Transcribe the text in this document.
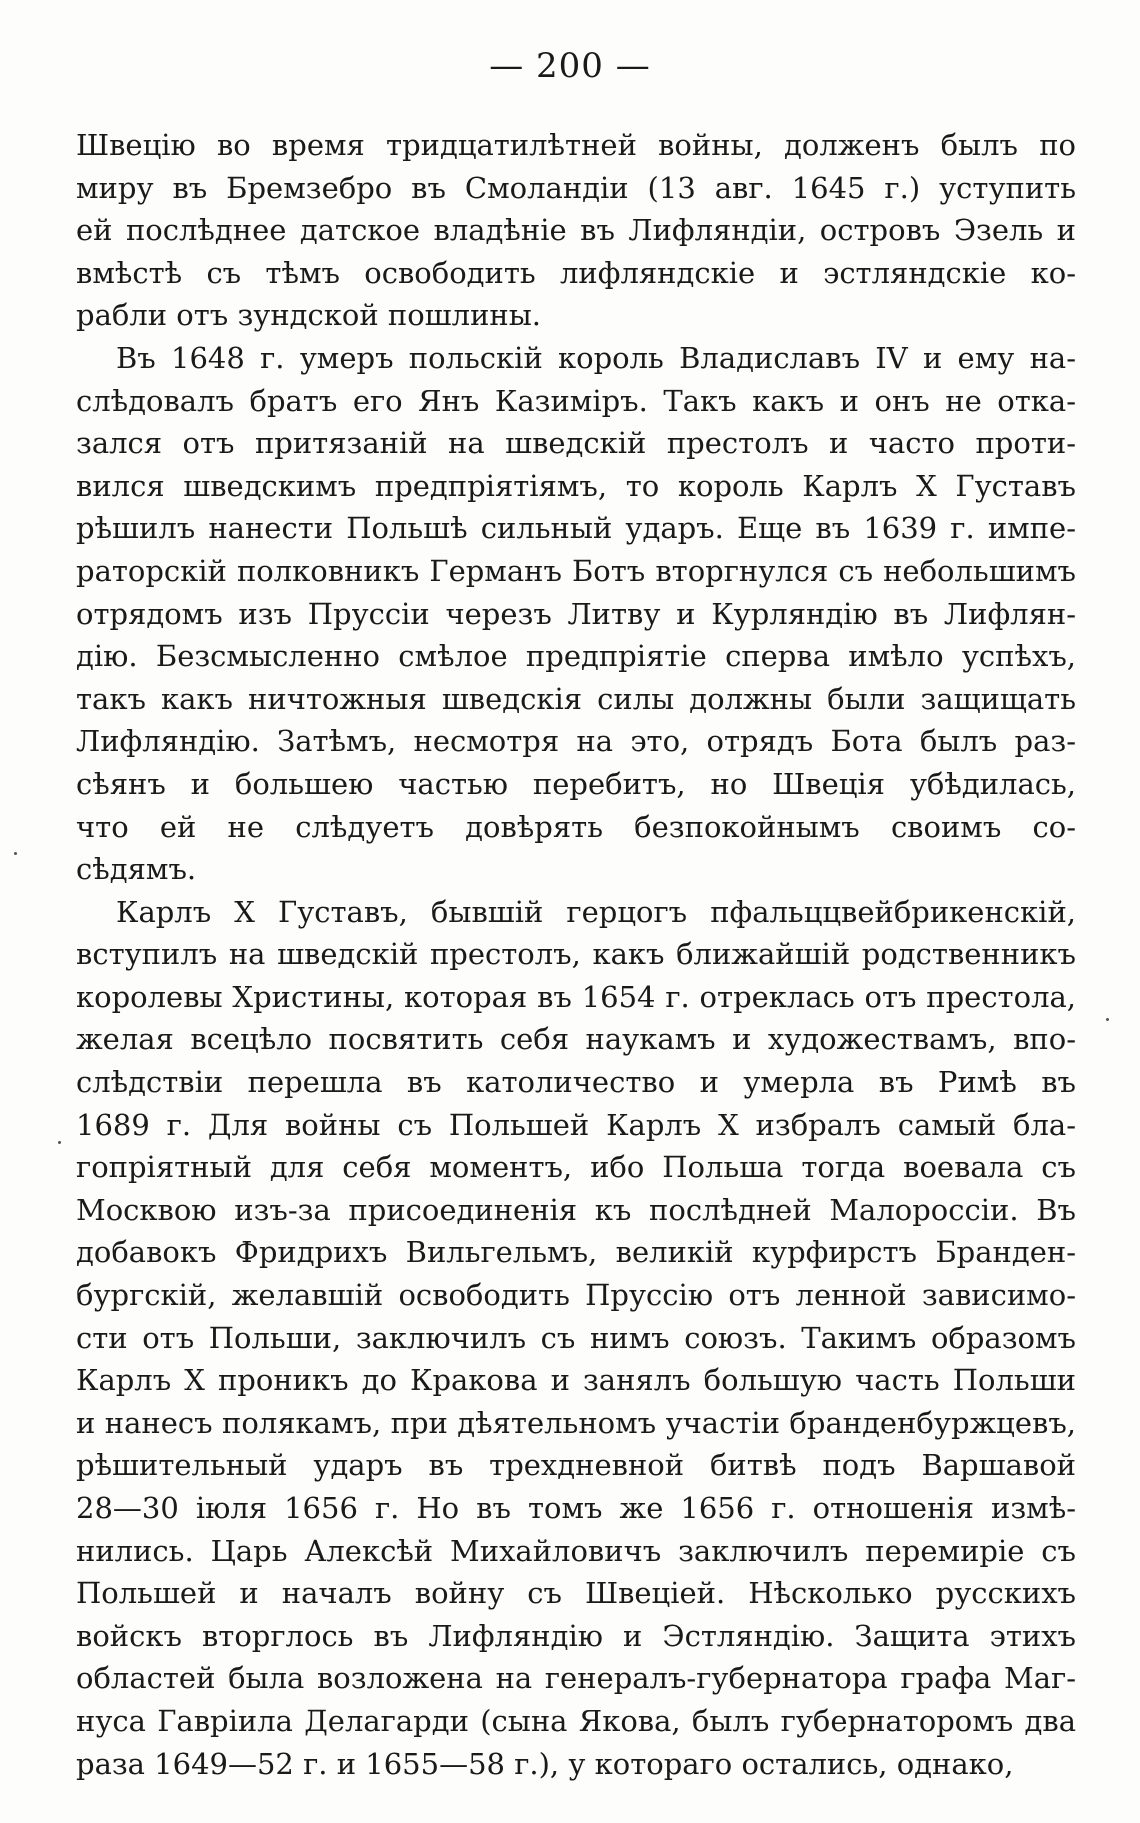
— 200 —
Швецію во время тридцатилѣтней войны, долженъ былъ по
миру въ Бремзебро въ Смоландіи (13 авг. 1645 г.) уступить
ей послѣднее датское владѣніе въ Лифляндіи, островъ Эзель и
вмѣстѣ съ тѣмъ освободить лифляндскіе и эстляндскіе ко-
рабли отъ зундской пошлины.
Въ 1648 г. умеръ польскій король Владиславъ IV и ему на-
слѣдовалъ братъ его Янъ Казиміръ. Такъ какъ и онъ не отка-
зался отъ притязаній на шведскій престолъ и часто проти-
вился шведскимъ предпріятіямъ, то король Карлъ X Густавъ
рѣшилъ нанести Польшѣ сильный ударъ. Еще въ 1639 г. импе-
раторскій полковникъ Германъ Ботъ вторгнулся съ небольшимъ
отрядомъ изъ Пруссіи черезъ Литву и Курляндію въ Лифлян-
дію. Безсмысленно смѣлое предпріятіе сперва имѣло успѣхъ,
такъ какъ ничтожныя шведскія силы должны были защищать
Лифляндію. Затѣмъ, несмотря на это, отрядъ Бота былъ раз-
сѣянъ и большею частью перебитъ, но Швеція убѣдилась,
что ей не слѣдуетъ довѣрять безпокойнымъ своимъ со-
сѣдямъ.
Карлъ X Густавъ, бывшій герцогъ пфальццвейбрикенскій,
вступилъ на шведскій престолъ, какъ ближайшій родственникъ
королевы Христины, которая въ 1654 г. отреклась отъ престола,
желая всецѣло посвятить себя наукамъ и художествамъ, впо-
слѣдствіи перешла въ католичество и умерла въ Римѣ въ
1689 г. Для войны съ Польшей Карлъ X избралъ самый бла-
гопріятный для себя моментъ, ибо Польша тогда воевала съ
Москвою изъ-за присоединенія къ послѣдней Малороссіи. Въ
добавокъ Фридрихъ Вильгельмъ, великій курфирстъ Бранден-
бургскій, желавшій освободить Пруссію отъ ленной зависимо-
сти отъ Польши, заключилъ съ нимъ союзъ. Такимъ образомъ
Карлъ X проникъ до Кракова и занялъ большую часть Польши
и нанесъ полякамъ, при дѣятельномъ участіи бранденбуржцевъ,
рѣшительный ударъ въ трехдневной битвѣ подъ Варшавой
28—30 іюля 1656 г. Но въ томъ же 1656 г. отношенія измѣ-
нились. Царь Алексѣй Михайловичъ заключилъ перемиріе съ
Польшей и началъ войну съ Швеціей. Нѣсколько русскихъ
войскъ вторглось въ Лифляндію и Эстляндію. Защита этихъ
областей была возложена на генералъ-губернатора графа Маг-
нуса Гавріила Делагарди (сына Якова, былъ губернаторомъ два
раза 1649—52 г. и 1655—58 г.), у котораго остались, однако,
